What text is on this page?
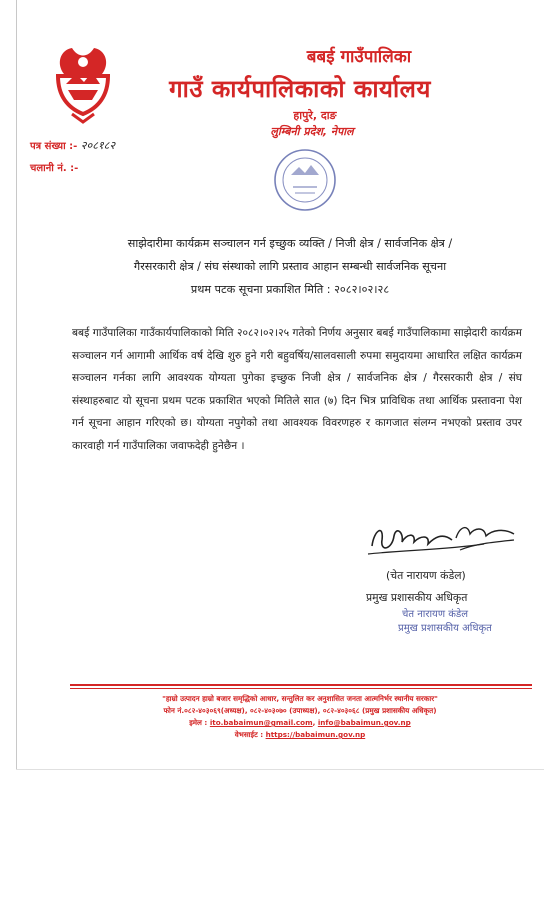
बबई गाउँपालिका
गाउँ कार्यपालिकाको कार्यालय
हापुरे, दाङ
लुम्बिनी प्रदेश, नेपाल
पत्र संख्या :- २०८१८२
चलानी नं. :-
साझेदारीमा कार्यक्रम सञ्चालन गर्न इच्छुक व्यक्ति / निजी क्षेत्र / सार्वजनिक क्षेत्र /
गैरसरकारी क्षेत्र / संघ संस्थाको लागि प्रस्ताव आहान सम्बन्धी सार्वजनिक सूचना
प्रथम पटक सूचना प्रकाशित मिति : २०८२।०२।२८
बबई गाउँपालिका गाउँकार्यपालिकाको मिति २०८२।०२।२५ गतेको निर्णय अनुसार बबई गाउँपालिकामा साझेदारी कार्यक्रम सञ्चालन गर्न आगामी आर्थिक वर्ष देखि शुरु हुने गरी बहुवर्षिय/सालवसाली रुपमा समुदायमा आधारित लक्षित कार्यक्रम सञ्चालन गर्नका लागि आवश्यक योग्यता पुगेका इच्छुक निजी क्षेत्र / सार्वजनिक क्षेत्र / गैरसरकारी क्षेत्र / संघ संस्थाहरुबाट यो सूचना प्रथम पटक प्रकाशित भएको मितिले सात (७) दिन भित्र प्राविधिक तथा आर्थिक प्रस्तावना पेश गर्न सूचना आहान गरिएको छ। योग्यता नपुगेको तथा आवश्यक विवरणहरु र कागजात संलग्न नभएको प्रस्ताव उपर कारवाही गर्न गाउँपालिका जवाफदेही हुनेछैन ।
(चेत नारायण कंडेल)
प्रमुख प्रशासकीय अधिकृत
चेत नारायण कंडेल
प्रमुख प्रशासकीय अधिकृत
"हाम्रो उत्पादन हाम्रो बजार समृद्धिको आधार, सन्तुलित कर अनुशासित जनता आत्मनिर्भर स्थानीय सरकार"
फोन नं.०८२-४०३०६९(अध्यक्ष), ०८२-४०३०७० (उपाध्यक्ष), ०८२-४०३०६८ (प्रमुख प्रशासकीय अधिकृत)
इमेल : ito.babaimun@gmail.com, info@babaimun.gov.np
वेभसाईट : https://babaimun.gov.np
